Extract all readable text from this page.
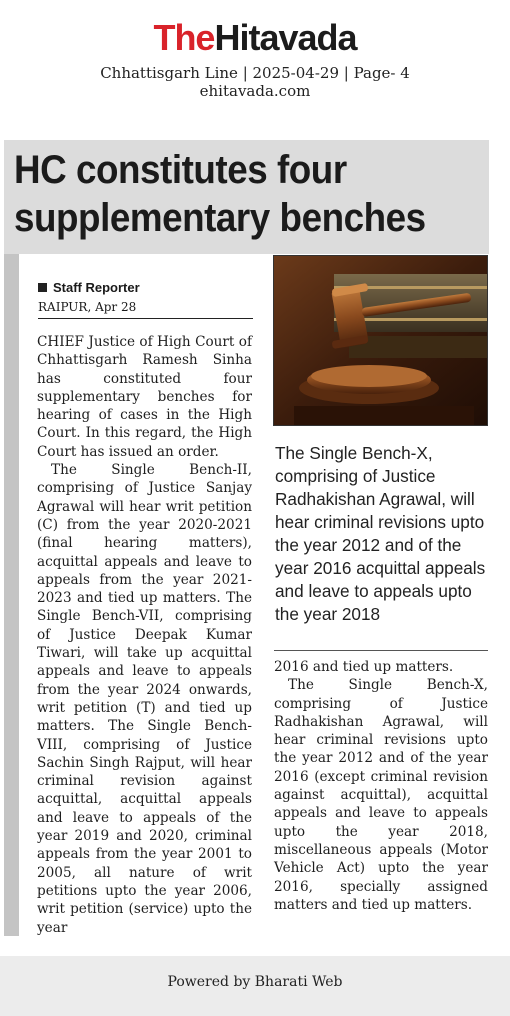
TheHitavada
Chhattisgarh Line | 2025-04-29 | Page- 4
ehitavada.com
HC constitutes four
supplementary benches
Staff Reporter
RAIPUR, Apr 28

CHIEF Justice of High Court of Chhattisgarh Ramesh Sinha has constituted four supplementary benches for hearing of cases in the High Court. In this regard, the High Court has issued an order.

The Single Bench-II, comprising of Justice Sanjay Agrawal will hear writ petition (C) from the year 2020-2021 (final hearing matters), acquittal appeals and leave to appeals from the year 2021-2023 and tied up matters. The Single Bench-VII, comprising of Justice Deepak Kumar Tiwari, will take up acquittal appeals and leave to appeals from the year 2024 onwards, writ petition (T) and tied up matters. The Single Bench-VIII, comprising of Justice Sachin Singh Rajput, will hear criminal revision against acquittal, acquittal appeals and leave to appeals of the year 2019 and 2020, criminal appeals from the year 2001 to 2005, all nature of writ petitions upto the year 2006, writ petition (service) upto the year

The Single Bench-X, comprising of Justice Radhakishan Agrawal, will hear criminal revisions upto the year 2012 and of the year 2016 acquittal appeals and leave to appeals upto the year 2018

2016 and tied up matters.

The Single Bench-X, comprising of Justice Radhakishan Agrawal, will hear criminal revisions upto the year 2012 and of the year 2016 (except criminal revision against acquittal), acquittal appeals and leave to appeals upto the year 2018, miscellaneous appeals (Motor Vehicle Act) upto the year 2016, specially assigned matters and tied up matters.

Powered by Bharati Web
